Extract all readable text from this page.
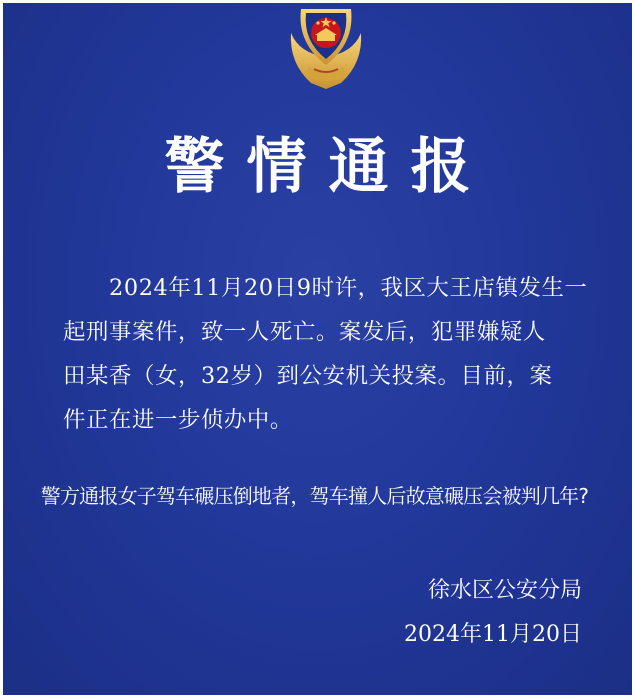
警情通报
2024年11月20日9时许，我区大王店镇发生一
起刑事案件，致一人死亡。案发后，犯罪嫌疑人
田某香（女，32岁）到公安机关投案。目前，案
件正在进一步侦办中。
徐水区公安分局
2024年11月20日
警方通报女子驾车碾压倒地者，驾车撞人后故意碾压会被判几年?
